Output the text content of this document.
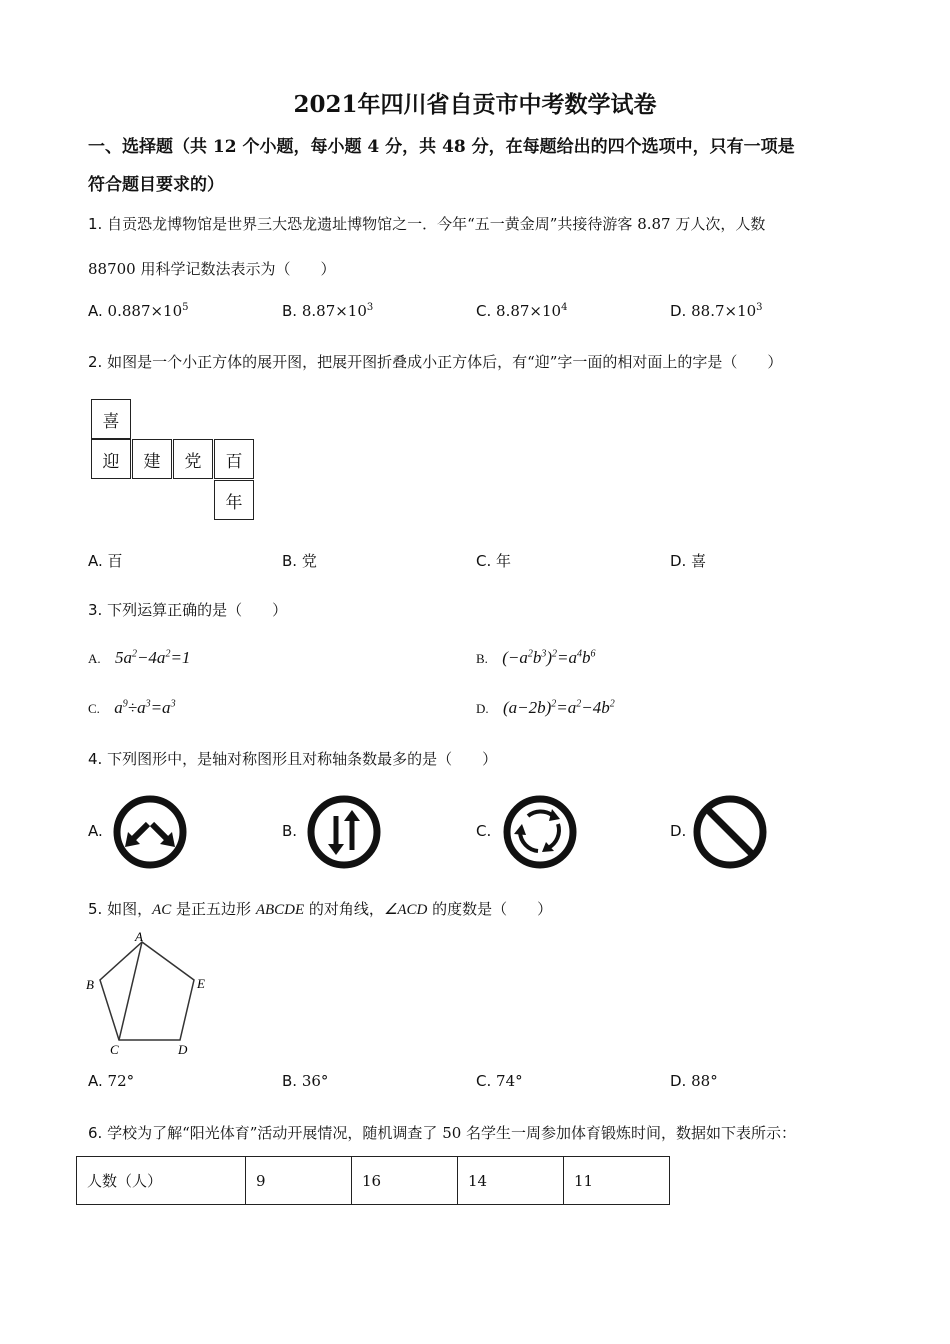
2021年四川省自贡市中考数学试卷
一、选择题（共 12 个小题，每小题 4 分，共 48 分，在每题给出的四个选项中，只有一项是
符合题目要求的）
1. 自贡恐龙博物馆是世界三大恐龙遗址博物馆之一．今年“五一黄金周”共接待游客 8.87 万人次，人数
88700 用科学记数法表示为（　　）
A. $0.887\times 10^5$	B. $8.87\times 10^3$	C. $8.87\times 10^4$	D. $88.7\times 10^3$
2. 如图是一个小正方体的展开图，把展开图折叠成小正方体后，有“迎”字一面的相对面上的字是（　　）
喜
迎	建	党	百
年
A. 百	B. 党	C. 年	D. 喜
3. 下列运算正确的是（　　）
A. $5a^2-4a^2=1$	B. $(-a^2b^3)^2=a^4b^6$
C. $a^9\div a^3=a^3$	D. $(a-2b)^2=a^2-4b^2$
4. 下列图形中，是轴对称图形且对称轴条数最多的是（　　）
A.	B.	C.	D.
5. 如图，AC 是正五边形 ABCDE 的对角线，∠ACD 的度数是（　　）
A
B
C	D
E
A. 72°	B. 36°	C. 74°	D. 88°
6. 学校为了解“阳光体育”活动开展情况，随机调查了 50 名学生一周参加体育锻炼时间，数据如下表所示：
人数（人）	9	16	14	11
